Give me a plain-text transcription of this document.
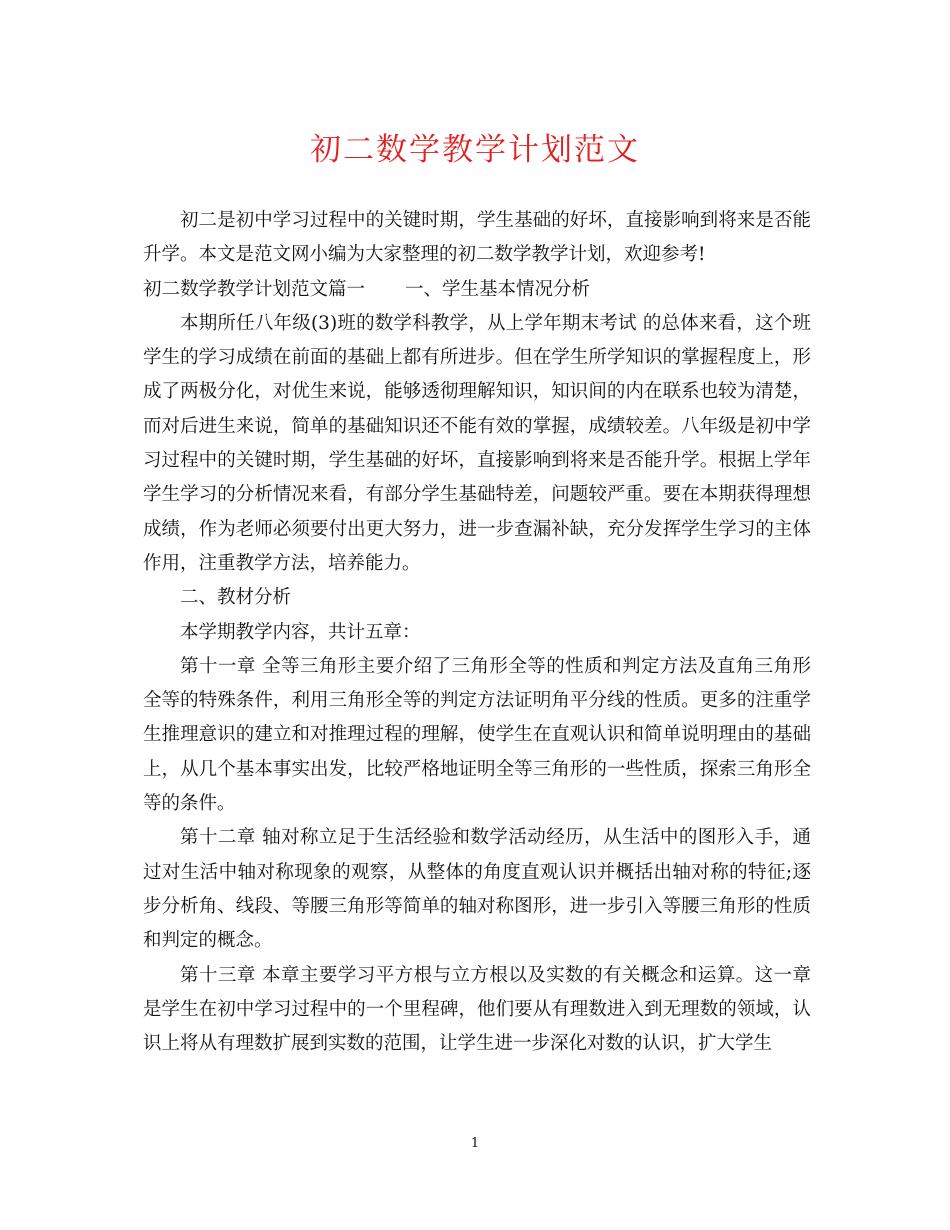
初二数学教学计划范文

初二是初中学习过程中的关键时期，学生基础的好坏，直接影响到将来是否能升学。本文是范文网小编为大家整理的初二数学教学计划，欢迎参考!

初二数学教学计划范文篇一 一、学生基本情况分析

本期所任八年级(3)班的数学科教学，从上学年期末考试 的总体来看，这个班学生的学习成绩在前面的基础上都有所进步。但在学生所学知识的掌握程度上，形成了两极分化，对优生来说，能够透彻理解知识，知识间的内在联系也较为清楚，而对后进生来说，简单的基础知识还不能有效的掌握，成绩较差。八年级是初中学习过程中的关键时期，学生基础的好坏，直接影响到将来是否能升学。根据上学年学生学习的分析情况来看，有部分学生基础特差，问题较严重。要在本期获得理想成绩，作为老师必须要付出更大努力，进一步查漏补缺，充分发挥学生学习的主体作用，注重教学方法，培养能力。

二、教材分析

本学期教学内容，共计五章：

第十一章 全等三角形主要介绍了三角形全等的性质和判定方法及直角三角形全等的特殊条件，利用三角形全等的判定方法证明角平分线的性质。更多的注重学生推理意识的建立和对推理过程的理解，使学生在直观认识和简单说明理由的基础上，从几个基本事实出发，比较严格地证明全等三角形的一些性质，探索三角形全等的条件。

第十二章 轴对称立足于生活经验和数学活动经历，从生活中的图形入手，通过对生活中轴对称现象的观察，从整体的角度直观认识并概括出轴对称的特征;逐步分析角、线段、等腰三角形等简单的轴对称图形，进一步引入等腰三角形的性质和判定的概念。

第十三章 本章主要学习平方根与立方根以及实数的有关概念和运算。这一章是学生在初中学习过程中的一个里程碑，他们要从有理数进入到无理数的领域，认识上将从有理数扩展到实数的范围，让学生进一步深化对数的认识，扩大学生

1
